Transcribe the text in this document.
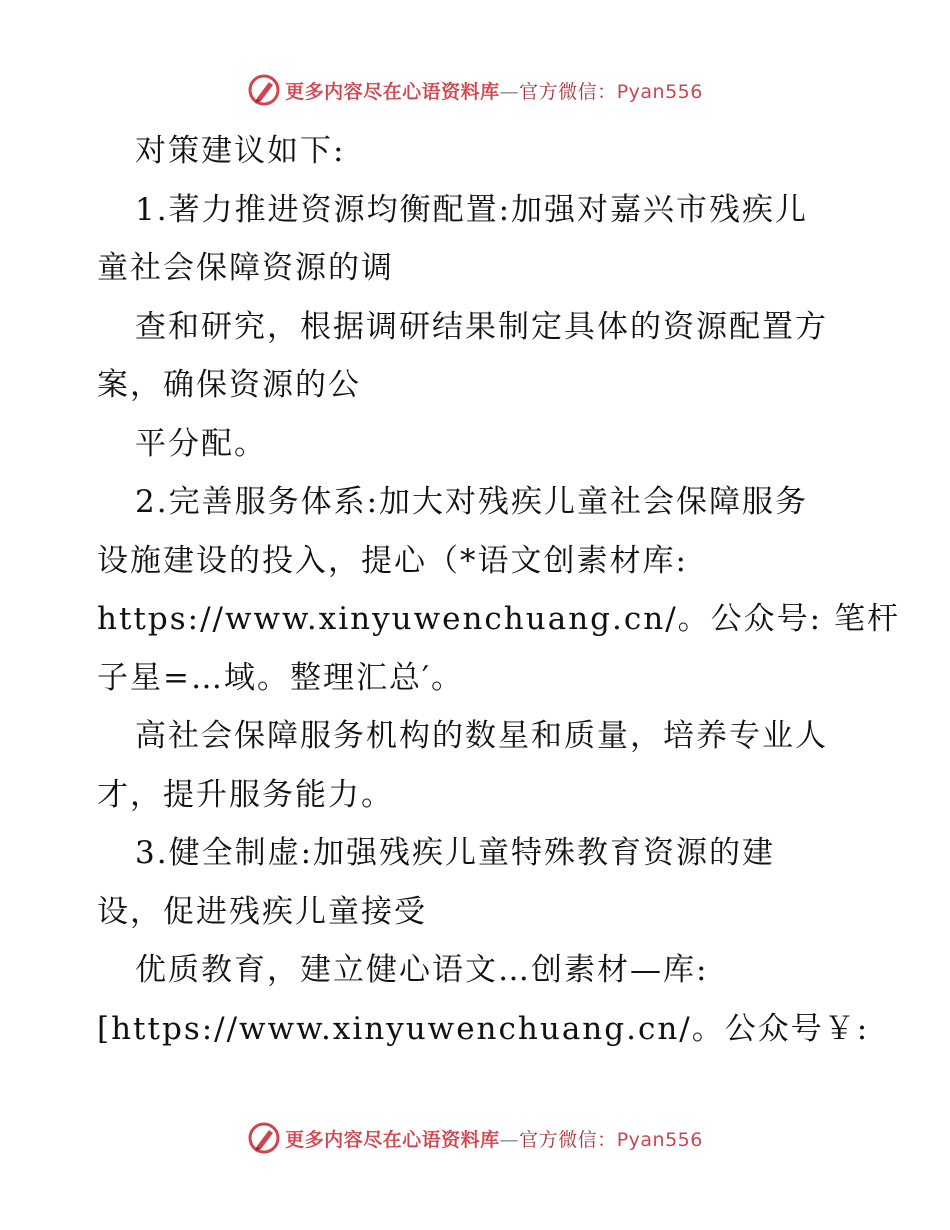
更多内容尽在心语资料库—官方微信：Pyan556
对策建议如下:
1.著力推进资源均衡配置:加强对嘉兴市残疾儿
童社会保障资源的调
查和研究，根据调研结果制定具体的资源配置方
案，确保资源的公
平分配。
2.完善服务体系:加大对残疾儿童社会保障服务
设施建设的投入，提心（*语文创素材库:
https://www.xinyuwenchuang.cn/。公众号: 笔杆
子星=…域。整理汇总′。
高社会保障服务机构的数星和质量，培养专业人
才，提升服务能力。
3.健全制虚:加强残疾儿童特殊教育资源的建
设，促进残疾儿童接受
优质教育，建立健心语文…创素材—库:
[https://www.xinyuwenchuang.cn/。公众号￥:
更多内容尽在心语资料库—官方微信：Pyan556
